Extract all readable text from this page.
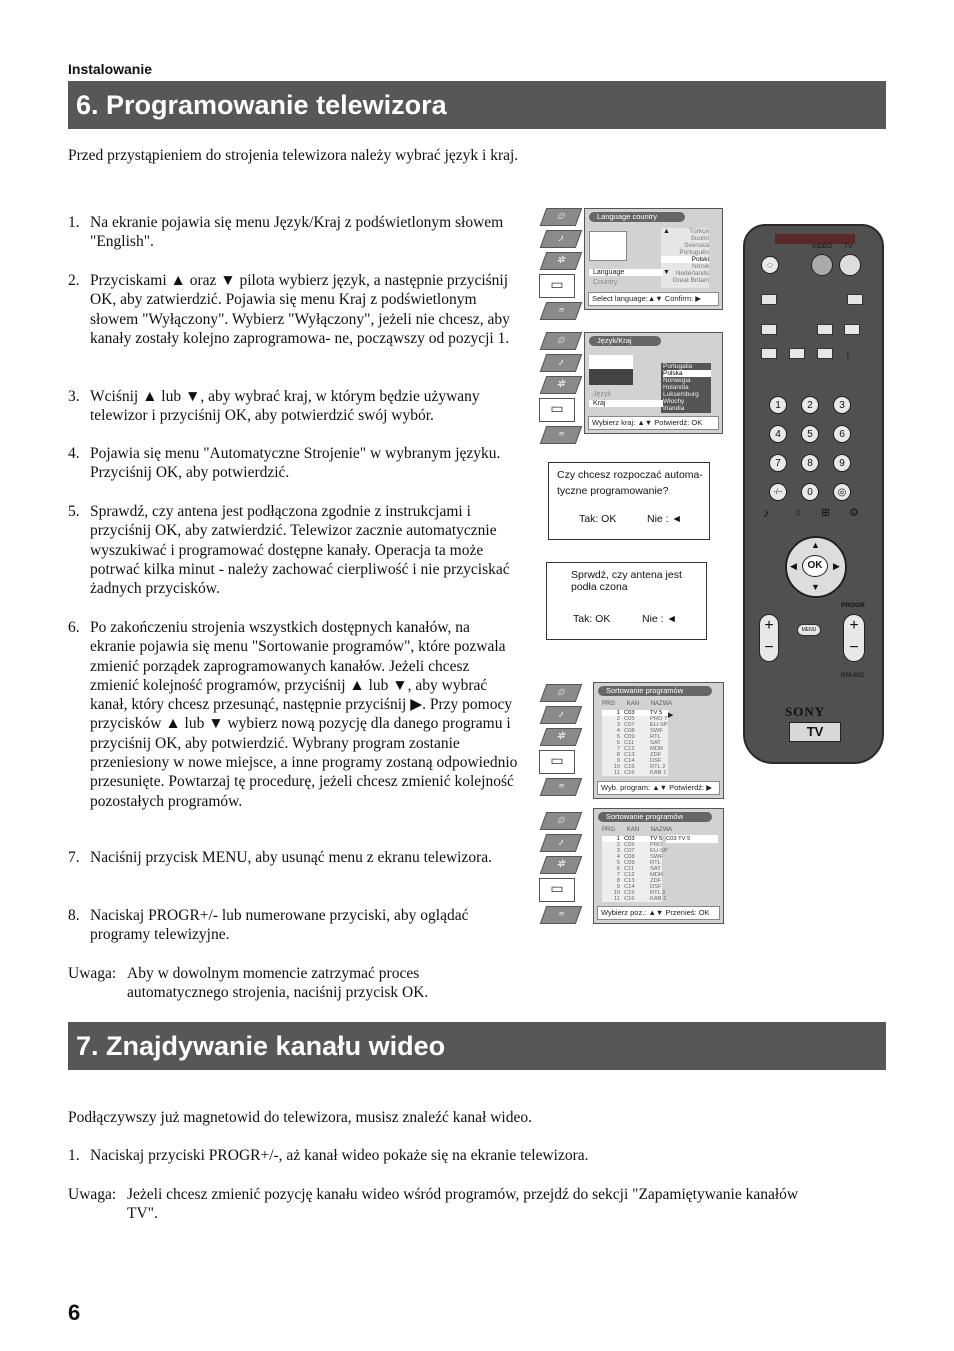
Instalowanie
6. Programowanie telewizora
Przed przystąpieniem do strojenia telewizora należy wybrać język i kraj.
1. Na ekranie pojawia się menu Język/Kraj z podświetlonym słowem "English".
2. Przyciskami ▲ oraz ▼ pilota wybierz język, a następnie przyciśnij OK, aby zatwierdzić. Pojawia się menu Kraj z podświetlonym słowem "Wyłączony". Wybierz "Wyłączony", jeżeli nie chcesz, aby kanały zostały kolejno zaprogramowa- ne, począwszy od pozycji 1.
3. Wciśnij ▲ lub ▼, aby wybrać kraj, w którym będzie używany telewizor i przyciśnij OK, aby potwierdzić swój wybór.
4. Pojawia się menu "Automatyczne Strojenie" w wybranym języku. Przyciśnij OK, aby potwierdzić.
5. Sprawdź, czy antena jest podłączona zgodnie z instrukcjami i przyciśnij OK, aby zatwierdzić. Telewizor zacznie automatycznie wyszukiwać i programować dostępne kanały. Operacja ta może potrwać kilka minut - należy zachować cierpliwość i nie przyciskać żadnych przycisków.
6. Po zakończeniu strojenia wszystkich dostępnych kanałów, na ekranie pojawia się menu "Sortowanie programów", które pozwala zmienić porządek zaprogramowanych kanałów. Jeżeli chcesz zmienić kolejność programów, przyciśnij ▲ lub ▼, aby wybrać kanał, który chcesz przesunąć, następnie przyciśnij ▶. Przy pomocy przycisków ▲ lub ▼ wybierz nową pozycję dla danego programu i przyciśnij OK, aby potwierdzić. Wybrany program zostanie przeniesiony w nowe miejsce, a inne programy zostaną odpowiednio przesunięte. Powtarzaj tę procedurę, jeżeli chcesz zmienić kolejność pozostałych programów.
7. Naciśnij przycisk MENU, aby usunąć menu z ekranu telewizora.
8. Naciskaj PROGR+/- lub numerowane przyciski, aby oglądać programy telewizyjne.
Uwaga: Aby w dowolnym momencie zatrzymać proces automatycznego strojenia, naciśnij przycisk OK.
☺
♪
✲
▭
≡
Language country
Türkçe
Suomi
Svenska
Português
Polski
Norsk
Nederlands
Great Britain
▲
▼
Language
Country
Select language:▲▼ Confirm: ▶
☺
♪
✲
▭
≡
Język/Kraj
Portugalia
Polska
Norwegia
Holandia
Luksemburg
Włochy
Irlandia
Język
Kraj
Wybierz kraj: ▲▼ Potwierdź: OK
Czy chcesz rozpoczać automa-
tyczne programowanie?
Tak: OK	Nie : ◄
Sprwdź, czy antena jest
podła czona
Tak: OK	Nie : ◄
☺
♪
✲
▭
≡
Sortowanie programów
PRG KAN NAZWA
1 C03	TV 5
2 C05	PRO 7
3 C07	EU-SP
4 C08	SWF
5 C09	RTL
6 C11	SAT
7 C12	MDR
8 C13	ZDF
9 C14	DSF
10 C15	RTL 2
11 C16	KAB 1
▶
Wyb. program: ▲▼ Potwierdź: ▶
☺
♪
✲
▭
≡
Sortowanie programów
PRG KAN NAZWA
1 C03	TV 5
2 C05	PRO
3 C07	EU-SP
4 C08	SWF
5 C09	RTL
6 C11	SAT
7 C12	MDR
8 C13	ZDF
9 C14	DSF
10 C15	RTL 2
11 C16	KAB 1
C03 TV 5
Wybierz poz.: ▲▼ Przenieś: OK
VIDEO TV
◌
↑
1	2	3
4	5	6
7	8	9
-/--	0	◎
♪ ☼ ⊞ ⚙
▲
▼
◀	▶
OK
PROGR
+
−
+
−
MENU
RM-892
SONY
TV
7. Znajdywanie kanału wideo
Podłączywszy już magnetowid do telewizora, musisz znaleźć kanał wideo.
1. Naciskaj przyciski PROGR+/-, aż kanał wideo pokaże się na ekranie telewizora.
Uwaga: Jeżeli chcesz zmienić pozycję kanału wideo wśród programów, przejdź do sekcji "Zapamiętywanie kanałów TV".
6
